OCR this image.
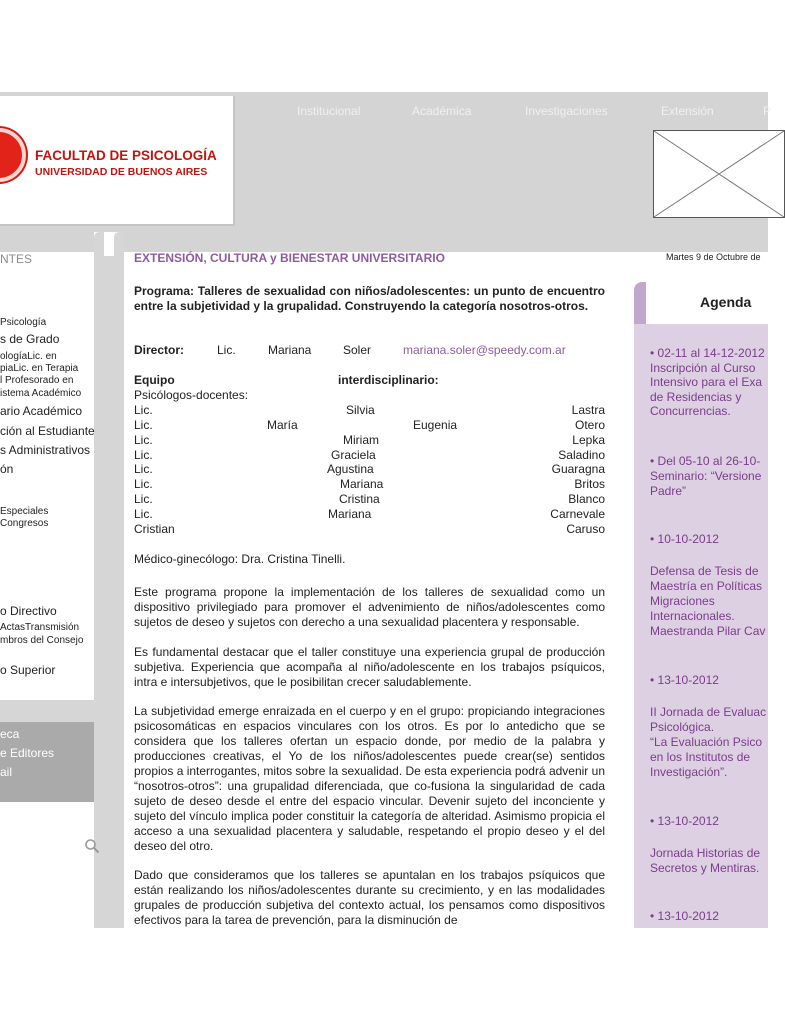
FACULTAD DE PSICOLOGÍA
UNIVERSIDAD DE BUENOS AIRES
Institucional	Académica	Investigaciones	Extensión	P
NTES
Psicología
s de Grado
ologíaLic. en
piaLic. en Terapia
l Profesorado en
istema Académico
ario Académico
ción al Estudiante
s Administrativos
ón
Especiales
Congresos
o Directivo
ActasTransmisión
mbros del Consejo
o Superior
eca
e Editores
ail
EXTENSIÓN, CULTURA y BIENESTAR UNIVERSITARIO
Programa: Talleres de sexualidad con niños/adolescentes: un punto de encuentro entre la subjetividad y la grupalidad. Construyendo la categoría nosotros-otros.
Director:	Lic.	Mariana	Soler	mariana.soler@speedy.com.ar
Equipo	interdisciplinario:
Psicólogos-docentes:
Lic.	Silvia	Lastra
Lic.	María	Eugenia	Otero
Lic.	Miriam	Lepka
Lic.	Graciela	Saladino
Lic.	Agustina	Guaragna
Lic.	Mariana	Britos
Lic.	Cristina	Blanco
Lic.	Mariana	Carnevale
Cristian	Caruso
Médico-ginecólogo: Dra. Cristina Tinelli.
Este programa propone la implementación de los talleres de sexualidad como un dispositivo privilegiado para promover el advenimiento de niños/adolescentes como sujetos de deseo y sujetos con derecho a una sexualidad placentera y responsable.
Es fundamental destacar que el taller constituye una experiencia grupal de producción subjetiva. Experiencia que acompaña al niño/adolescente en los trabajos psíquicos, intra e intersubjetivos, que le posibilitan crecer saludablemente.
La subjetividad emerge enraizada en el cuerpo y en el grupo: propiciando integraciones psicosomáticas en espacios vinculares con los otros. Es por lo antedicho que se considera que los talleres ofertan un espacio donde, por medio de la palabra y producciones creativas, el Yo de los niños/adolescentes puede crear(se) sentidos propios a interrogantes, mitos sobre la sexualidad. De esta experiencia podrá advenir un “nosotros-otros”: una grupalidad diferenciada, que co-fusiona la singularidad de cada sujeto de deseo desde el entre del espacio vincular. Devenir sujeto del inconciente y sujeto del vínculo implica poder constituir la categoría de alteridad. Asimismo propicia el acceso a una sexualidad placentera y saludable, respetando el propio deseo y el del deseo del otro.
Dado que consideramos que los talleres se apuntalan en los trabajos psíquicos que están realizando los niños/adolescentes durante su crecimiento, y en las modalidades grupales de producción subjetiva del contexto actual, los pensamos como dispositivos efectivos para la tarea de prevención, para la disminución de
Martes 9 de Octubre de
Agenda
• 02-11 al 14-12-2012
Inscripción al Curso
Intensivo para el Exa
de Residencias y
Concurrencias.
• Del 05-10 al 26-10-
Seminario: “Versione
Padre”
• 10-10-2012
Defensa de Tesis de
Maestría en Políticas
Migraciones
Internacionales.
Maestranda Pilar Cav
• 13-10-2012
II Jornada de Evaluac
Psicológica.
“La Evaluación Psico
en los Institutos de
Investigación”.
• 13-10-2012
Jornada Historias de
Secretos y Mentiras.
• 13-10-2012
